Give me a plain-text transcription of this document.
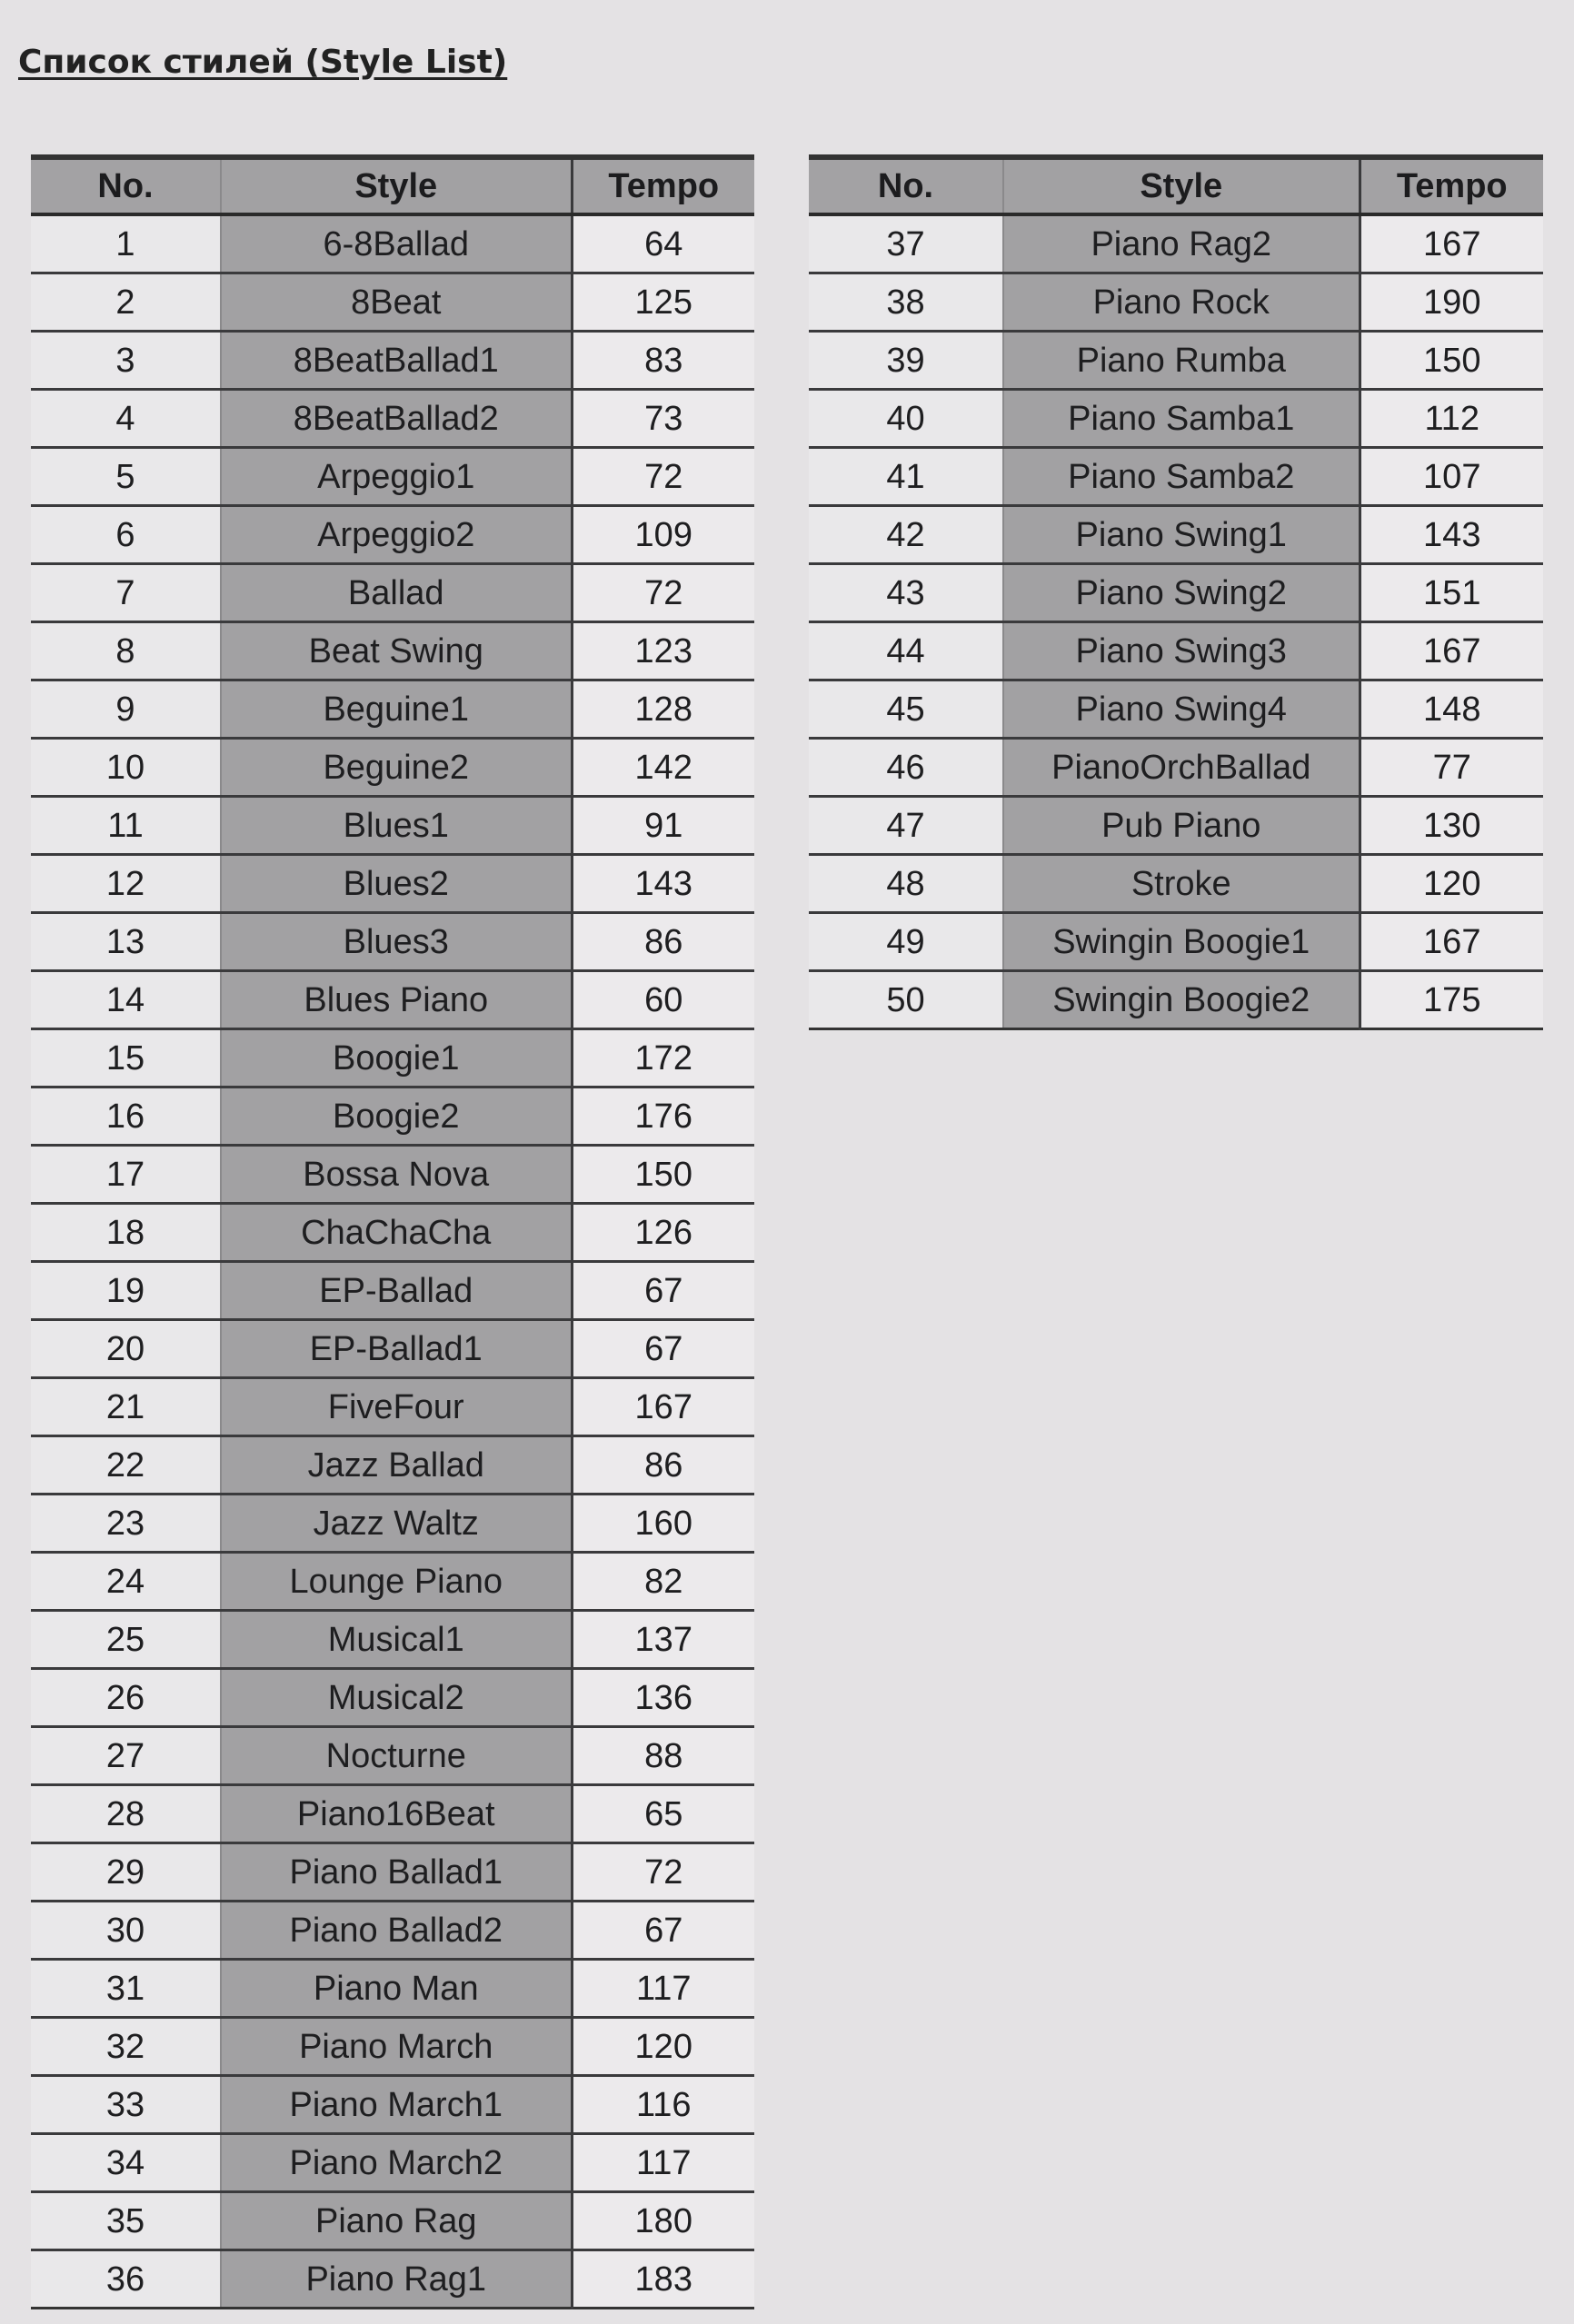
Список стилей (Style List)
No.	Style	Tempo
1	6-8Ballad	64
2	8Beat	125
3	8BeatBallad1	83
4	8BeatBallad2	73
5	Arpeggio1	72
6	Arpeggio2	109
7	Ballad	72
8	Beat Swing	123
9	Beguine1	128
10	Beguine2	142
11	Blues1	91
12	Blues2	143
13	Blues3	86
14	Blues Piano	60
15	Boogie1	172
16	Boogie2	176
17	Bossa Nova	150
18	ChaChaCha	126
19	EP-Ballad	67
20	EP-Ballad1	67
21	FiveFour	167
22	Jazz Ballad	86
23	Jazz Waltz	160
24	Lounge Piano	82
25	Musical1	137
26	Musical2	136
27	Nocturne	88
28	Piano16Beat	65
29	Piano Ballad1	72
30	Piano Ballad2	67
31	Piano Man	117
32	Piano March	120
33	Piano March1	116
34	Piano March2	117
35	Piano Rag	180
36	Piano Rag1	183
No.	Style	Tempo
37	Piano Rag2	167
38	Piano Rock	190
39	Piano Rumba	150
40	Piano Samba1	112
41	Piano Samba2	107
42	Piano Swing1	143
43	Piano Swing2	151
44	Piano Swing3	167
45	Piano Swing4	148
46	PianoOrchBallad	77
47	Pub Piano	130
48	Stroke	120
49	Swingin Boogie1	167
50	Swingin Boogie2	175
